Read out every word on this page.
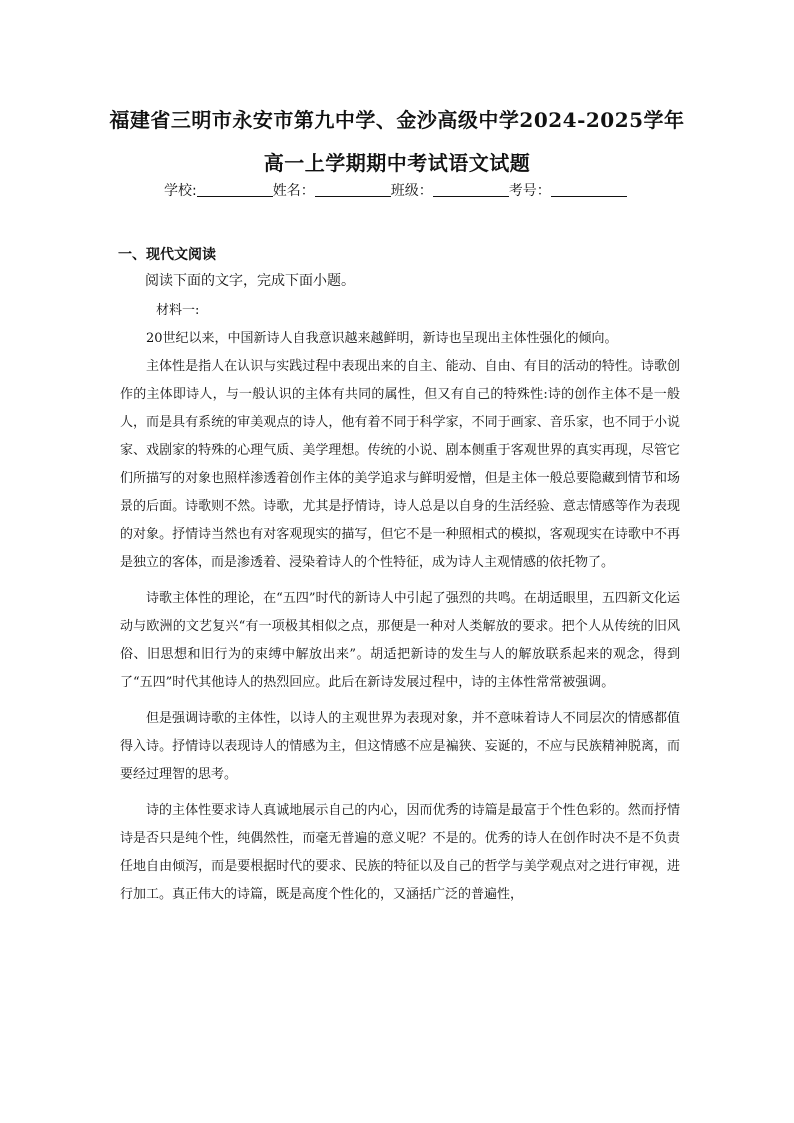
福建省三明市永安市第九中学、金沙高级中学2024-2025学年
高一上学期期中考试语文试题
学校:	姓名：	班级：	考号：
一、现代文阅读
阅读下面的文字，完成下面小题。
材料一:

20世纪以来，中国新诗人自我意识越来越鲜明，新诗也呈现出主体性强化的倾向。

主体性是指人在认识与实践过程中表现出来的自主、能动、自由、有目的活动的特性。诗歌创作的主体即诗人，与一般认识的主体有共同的属性，但又有自己的特殊性:诗的创作主体不是一般人，而是具有系统的审美观点的诗人，他有着不同于科学家，不同于画家、音乐家，也不同于小说家、戏剧家的特殊的心理气质、美学理想。传统的小说、剧本侧重于客观世界的真实再现，尽管它们所描写的对象也照样渗透着创作主体的美学追求与鲜明爱憎，但是主体一般总要隐藏到情节和场景的后面。诗歌则不然。诗歌，尤其是抒情诗，诗人总是以自身的生活经验、意志情感等作为表现的对象。抒情诗当然也有对客观现实的描写，但它不是一种照相式的模拟，客观现实在诗歌中不再是独立的客体，而是渗透着、浸染着诗人的个性特征，成为诗人主观情感的依托物了。

诗歌主体性的理论，在“五四”时代的新诗人中引起了强烈的共鸣。在胡适眼里，五四新文化运动与欧洲的文艺复兴“有一项极其相似之点，那便是一种对人类解放的要求。把个人从传统的旧风俗、旧思想和旧行为的束缚中解放出来”。胡适把新诗的发生与人的解放联系起来的观念，得到了“五四”时代其他诗人的热烈回应。此后在新诗发展过程中，诗的主体性常常被强调。

但是强调诗歌的主体性，以诗人的主观世界为表现对象，并不意味着诗人不同层次的情感都值得入诗。抒情诗以表现诗人的情感为主，但这情感不应是褊狭、妄诞的，不应与民族精神脱离，而要经过理智的思考。

诗的主体性要求诗人真诚地展示自己的内心，因而优秀的诗篇是最富于个性色彩的。然而抒情诗是否只是纯个性，纯偶然性，而毫无普遍的意义呢？不是的。优秀的诗人在创作时决不是不负责任地自由倾泻，而是要根据时代的要求、民族的特征以及自己的哲学与美学观点对之进行审视，进行加工。真正伟大的诗篇，既是高度个性化的，又涵括广泛的普遍性，
